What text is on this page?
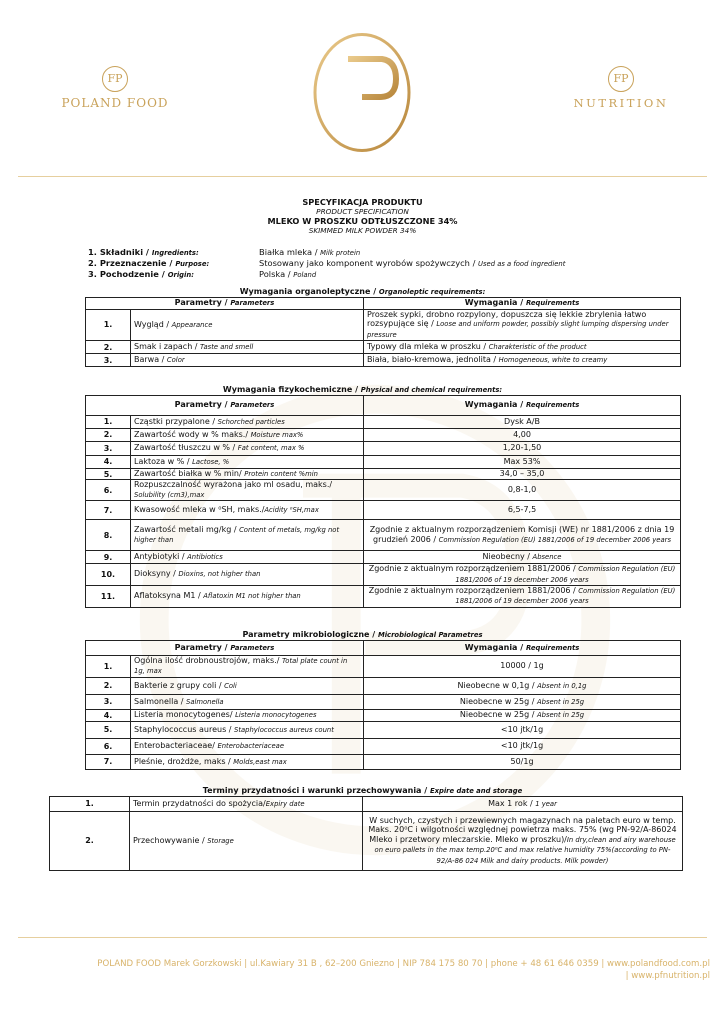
FP
POLAND FOOD
FP
NUTRITION
SPECYFIKACJA PRODUKTU
PRODUCT SPECIFICATION
MLEKO W PROSZKU ODTŁUSZCZONE 34%
SKIMMED MILK POWDER 34%
1. Składniki / Ingredients:	Białka mleka / Milk protein
2. Przeznaczenie / Purpose:	Stosowany jako komponent wyrobów spożywczych / Used as a food ingredient
3. Pochodzenie / Origin:	Polska / Poland
Wymagania organoleptyczne / Organoleptic requirements:
Parametry / Parameters		Wymagania / Requirements
1.	Wygląd / Appearance	Proszek sypki, drobno rozpylony, dopuszcza się lekkie zbrylenia łatwo rozsypujące się / Loose and uniform powder, possibly slight lumping dispersing under pressure
2.	Smak i zapach / Taste and smell	Typowy dla mleka w proszku / Charakteristic of the product
3.	Barwa / Color	Biała, biało-kremowa, jednolita / Homogeneous, white to creamy
Wymagania fizykochemiczne / Physical and chemical requirements:
Parametry / Parameters		Wymagania / Requirements
1.	Cząstki przypalone / Schorched particles	Dysk A/B
2.	Zawartość wody w % maks./ Moisture max%	4,00
3.	Zawartość tłuszczu w % / Fat content, max %	1,20-1,50
4.	Laktoza w % / Lactose, %	Max 53%
5.	Zawartość białka w % min/ Protein content %min	34,0 – 35,0
6.	Rozpuszczalność wyrażona jako ml osadu, maks./ Solubility (cm3),max	0,8-1,0
7.	Kwasowość mleka w ⁰SH, maks./Acidity ⁰SH,max	6,5-7,5
8.	Zawartość metali mg/kg / Content of metals, mg/kg not higher than	Zgodnie z aktualnym rozporządzeniem Komisji (WE) nr 1881/2006 z dnia 19 grudzień 2006 / Commission Regulation (EU) 1881/2006 of 19 december 2006 years
9.	Antybiotyki / Antibiotics	Nieobecny / Absence
10.	Dioksyny / Dioxins, not higher than	Zgodnie z aktualnym rozporządzeniem 1881/2006 / Commission Regulation (EU) 1881/2006 of 19 december 2006 years
11.	Aflatoksyna M1 / Aflatoxin M1 not higher than	Zgodnie z aktualnym rozporządzeniem 1881/2006 / Commission Regulation (EU) 1881/2006 of 19 december 2006 years
Parametry mikrobiologiczne / Microbiological Parametres
Parametry / Parameters		Wymagania / Requirements
1.	Ogólna ilość drobnoustrojów, maks./ Total plate count in 1g, max	10000 / 1g
2.	Bakterie z grupy coli / Coli	Nieobecne w 0,1g / Absent in 0,1g
3.	Salmonella / Salmonella	Nieobecne w 25g / Absent in 25g
4.	Listeria monocytogenes/ Listeria monocytogenes	Nieobecne w 25g / Absent in 25g
5.	Staphylococcus aureus / Staphylococcus aureus count	<10 jtk/1g
6.	Enterobacteriaceae/ Enterobacteriaceae	<10 jtk/1g
7.	Pleśnie, drożdże, maks / Molds,east max	50/1g
Terminy przydatności i warunki przechowywania / Expire date and storage
1.	Termin przydatności do spożycia/Expiry date	Max 1 rok / 1 year
2.	Przechowywanie / Storage	W suchych, czystych i przewiewnych magazynach na paletach euro w temp. Maks. 20⁰C i wilgotności względnej powietrza maks. 75% (wg PN-92/A-86024 Mleko i przetwory mleczarskie. Mleko w proszku)/In dry,clean and airy warehouse on euro pallets in the max temp.20⁰C and max relative humidity 75%(according to PN-92/A-86 024 Milk and dairy products. Milk powder)
POLAND FOOD Marek Gorzkowski | ul.Kawiary 31 B , 62–200 Gniezno | NIP 784 175 80 70 | phone + 48 61 646 0359 | www.polandfood.com.pl
| www.pfnutrition.pl
